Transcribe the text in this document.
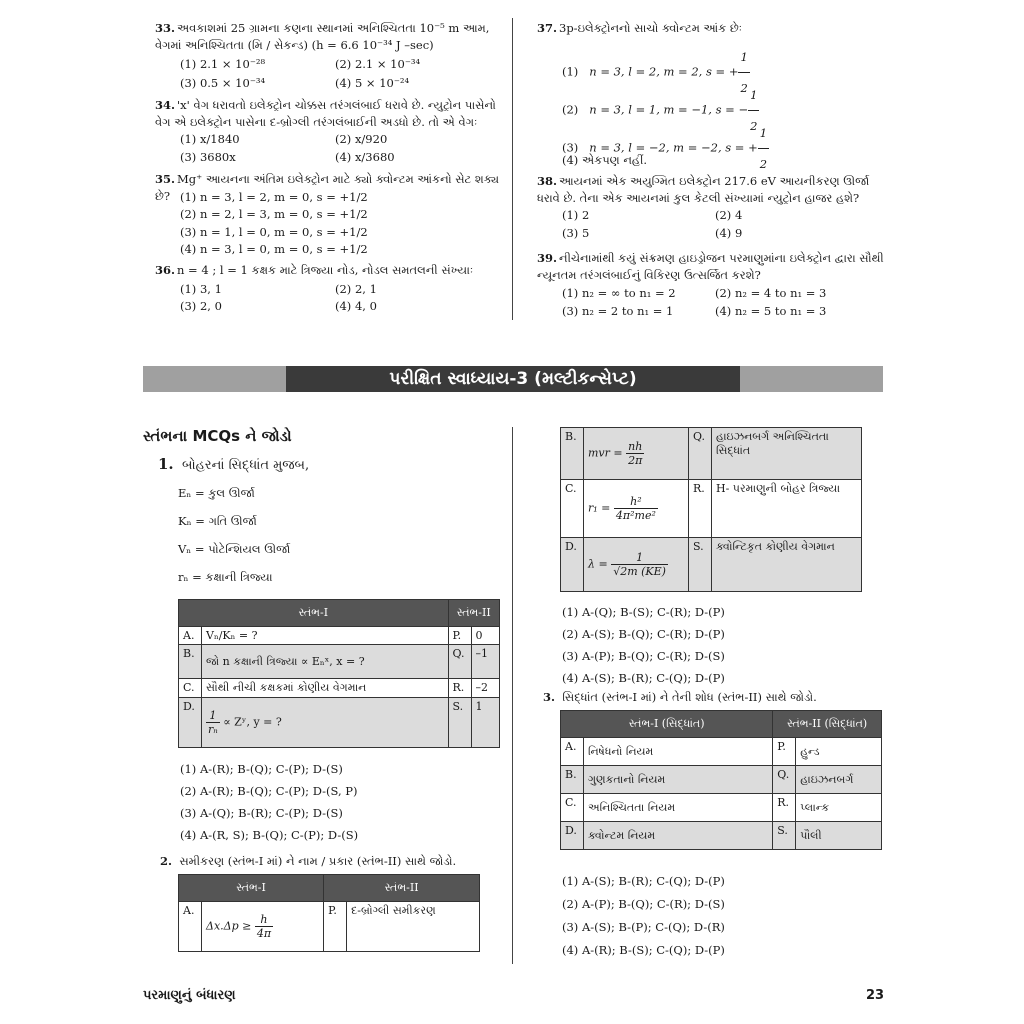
33. અવકાશમાં 25 ગ્રામના કણના સ્થાનમાં અનિશ્ચિતતા 10⁻⁵ m આમ, વેગમાં અનિશ્ચિતતા (મિ / સેકન્ડ) (h = 6.6 10⁻³⁴ J –sec)
(1) 2.1 × 10⁻²⁸	(2) 2.1 × 10⁻³⁴
(3) 0.5 × 10⁻³⁴	(4) 5 × 10⁻²⁴
34. 'x' વેગ ધરાવતો ઇલેક્ટ્રોન ચોક્કસ તરંગલંબાઈ ધરાવે છે. ન્યુટ્રોન પાસેનો વેગ એ ઇલેક્ટ્રોન પાસેના દ-બ્રોગ્લી તરંગલંબાઈની અડધો છે. તો એ વેગઃ
(1) x/1840	(2) x/920
(3) 3680x	(4) x/3680
35. Mg⁺ આયનના અંતિમ ઇલેક્ટ્રોન માટે ક્યો ક્વોન્ટમ આંકનો સેટ શક્ય છે? (1) n = 3, l = 2, m = 0, s = +1/2
(2) n = 2, l = 3, m = 0, s = +1/2
(3) n = 1, l = 0, m = 0, s = +1/2
(4) n = 3, l = 0, m = 0, s = +1/2
36. n = 4 ; l = 1 કક્ષક માટે ત્રિજ્યા નોડ, નોડલ સમતલની સંખ્યાઃ
(1) 3, 1	(2) 2, 1
(3) 2, 0	(4) 4, 0
37. 3p-ઇલેક્ટ્રોનનો સાચો ક્વોન્ટમ આંક છેઃ
(1) n = 3, l = 2, m = 2, s = + $\frac{1}{2}$
(2) n = 3, l = 1, m = −1, s = − $\frac{1}{2}$
(3) n = 3, l = −2, m = −2, s = + $\frac{1}{2}$
(4) એકપણ નહીં.
38. આયનમાં એક અયુગ્મિત ઇલેક્ટ્રોન 217.6 eV આયનીકરણ ઊર્જા ધરાવે છે. તેના એક આયનમાં કુલ કેટલી સંખ્યામાં ન્યુટ્રોન હાજર હશે?
(1) 2	(2) 4
(3) 5	(4) 9
39. નીચેનામાંથી કયું સંક્રમણ હાઇડ્રોજન પરમાણુમાંના ઇલેક્ટ્રોન દ્વારા સૌથી ન્યૂનતમ તરંગલંબાઈનું વિકિરણ ઉત્સર્જિત કરશે?
(1) n₂ = ∞ to n₁ = 2	(2) n₂ = 4 to n₁ = 3
(3) n₂ = 2 to n₁ = 1	(4) n₂ = 5 to n₁ = 3
પરીક્ષિત સ્વાધ્યાય-3 (મલ્ટીકન્સેપ્ટ)
સ્તંભના MCQs ને જોડો
1. બોહરનાં સિદ્ધાંત મુજબ,
Eₙ = કુલ ઊર્જા
Kₙ = ગતિ ઊર્જા
Vₙ = પોટેન્શિયલ ઊર્જા
rₙ = કક્ષાની ત્રિજ્યા
સ્તંભ-I		સ્તંભ-II	
A.	Vₙ/Kₙ = ?	P.	0
B.	જો n કક્ષાની ત્રિજ્યા ∝ Eₙˣ, x = ?	Q.	–1
C.	સૌથી નીચી કક્ષકમાં કોણીય વેગમાન	R.	–2
D.	$\frac{1}{\text{rₙ}}$ ∝ Zʸ, y = ?	S.	1
(1) A-(R); B-(Q); C-(P); D-(S)
(2) A-(R); B-(Q); C-(P); D-(S, P)
(3) A-(Q); B-(R); C-(P); D-(S)
(4) A-(R, S); B-(Q); C-(P); D-(S)
2. સમીકરણ (સ્તંભ-I માં) ને નામ / પ્રકાર (સ્તંભ-II) સાથે જોડો.
સ્તંભ-I		સ્તંભ-II	
A.	$\Delta x.\Delta p \ge \frac{h}{4\pi}$	P.	દ-બ્રોગ્લી સમીકરણ
B.	mvr = $\frac{nh}{2\pi}$	Q.	હાઇઝનબર્ગ અનિશ્ચિતતા સિદ્ધાંત
C.	$r_1 = \frac{\text{h²}}{\text{4π²me²}}$	R.	H- પરમાણુની બોહર ત્રિજ્યા
D.	$\lambda = \frac{1}{√2m (KE)}$	S.	ક્વોન્ટિકૃત કોણીય વેગમાન
(1) A-(Q); B-(S); C-(R); D-(P)
(2) A-(S); B-(Q); C-(R); D-(P)
(3) A-(P); B-(Q); C-(R); D-(S)
(4) A-(S); B-(R); C-(Q); D-(P)
3. સિદ્ધાંત (સ્તંભ-I માં) ને તેની શોધ (સ્તંભ-II) સાથે જોડો.
સ્તંભ-I (સિદ્ધાંત)		સ્તંભ-II (સિદ્ધાંત)	
A.	નિષેધનો નિયમ	P.	હુન્ડ
B.	ગુણકતાનો નિયમ	Q.	હાઇઝનબર્ગ
C.	અનિશ્ચિતતા નિયમ	R.	પ્લાન્ક
D.	ક્વોન્ટમ નિયમ	S.	પૌલી
(1) A-(S); B-(R); C-(Q); D-(P)
(2) A-(P); B-(Q); C-(R); D-(S)
(3) A-(S); B-(P); C-(Q); D-(R)
(4) A-(R); B-(S); C-(Q); D-(P)
પરમાણુનું બંધારણ	23
